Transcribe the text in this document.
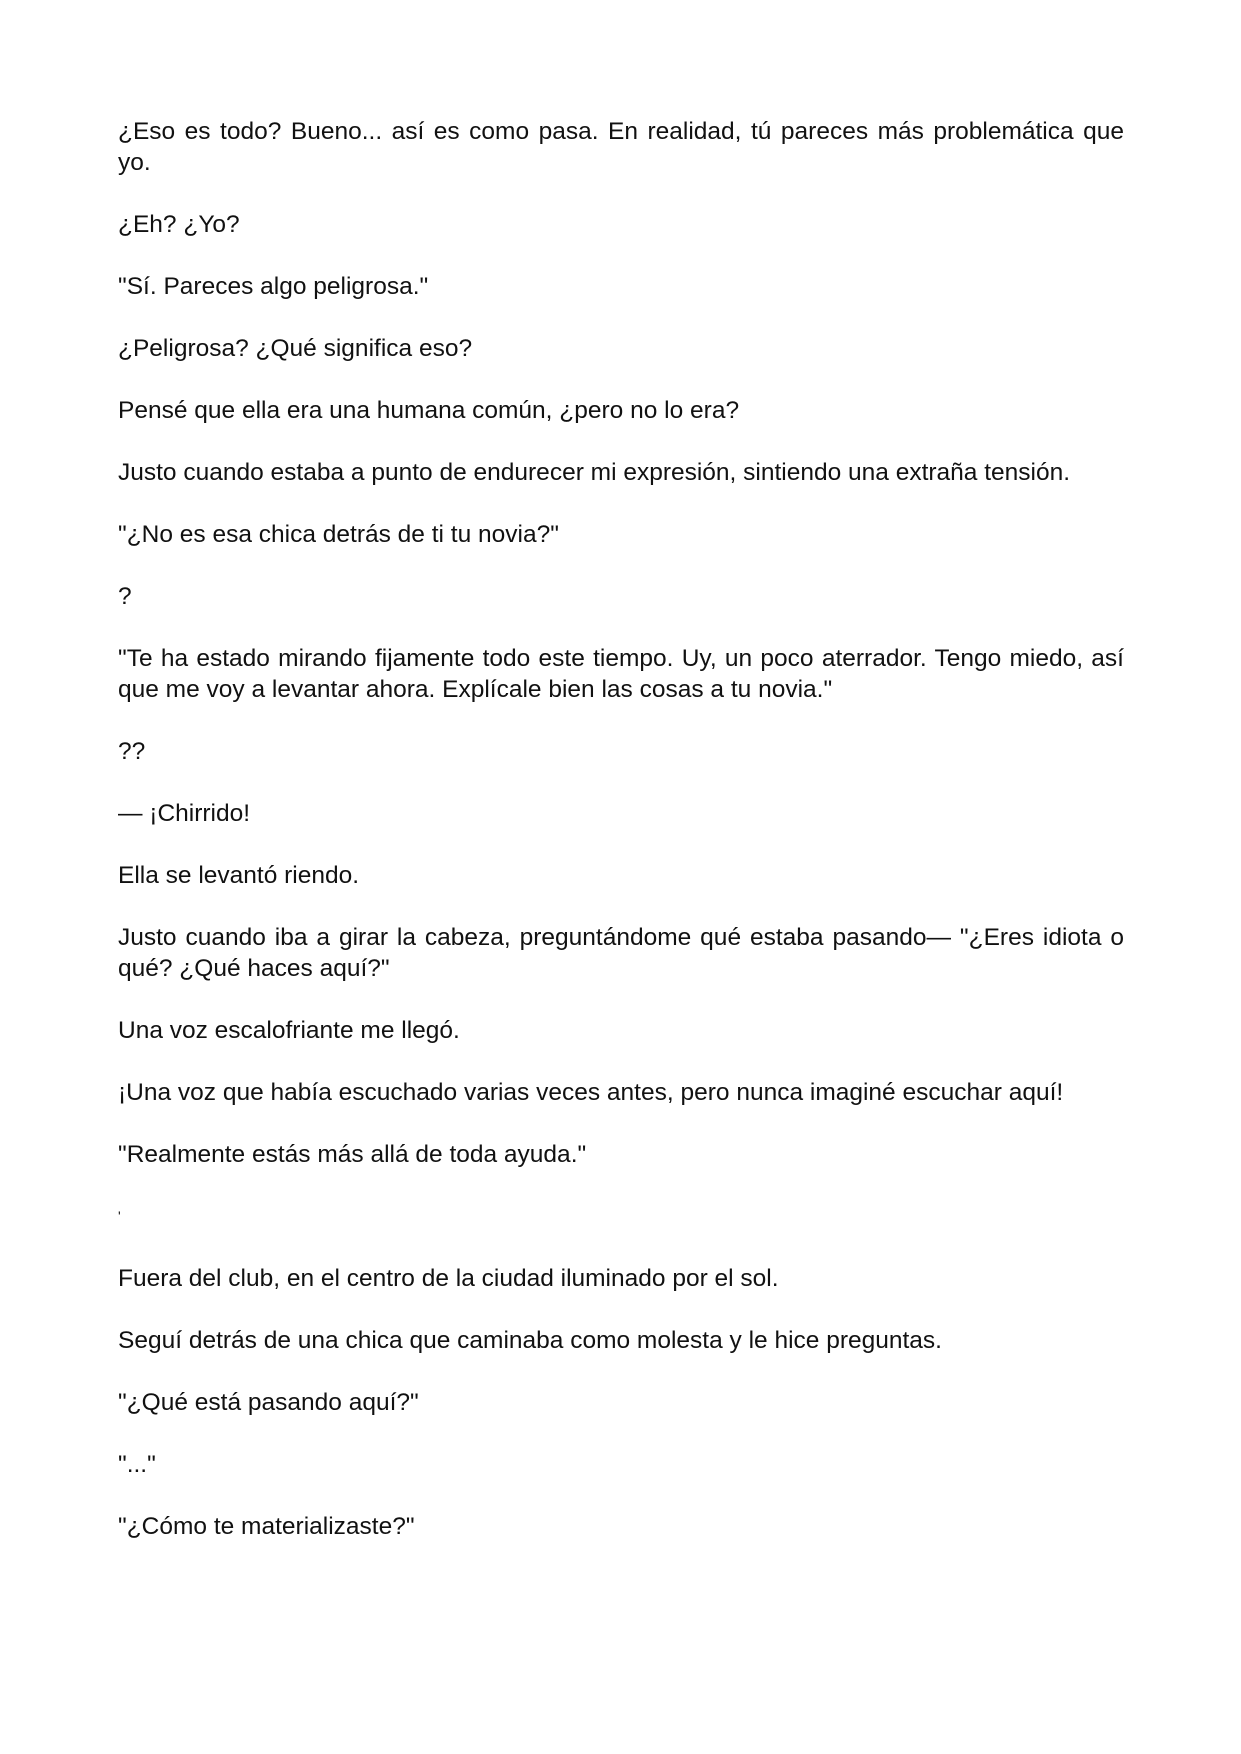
¿Eso es todo? Bueno... así es como pasa. En realidad, tú pareces más problemática que yo.

¿Eh? ¿Yo?

"Sí. Pareces algo peligrosa."

¿Peligrosa? ¿Qué significa eso?

Pensé que ella era una humana común, ¿pero no lo era?

Justo cuando estaba a punto de endurecer mi expresión, sintiendo una extraña tensión.

"¿No es esa chica detrás de ti tu novia?"

?

"Te ha estado mirando fijamente todo este tiempo. Uy, un poco aterrador. Tengo miedo, así que me voy a levantar ahora. Explícale bien las cosas a tu novia."

??

— ¡Chirrido!

Ella se levantó riendo.

Justo cuando iba a girar la cabeza, preguntándome qué estaba pasando— "¿Eres idiota o qué? ¿Qué haces aquí?"

Una voz escalofriante me llegó.

¡Una voz que había escuchado varias veces antes, pero nunca imaginé escuchar aquí!

"Realmente estás más allá de toda ayuda."

'

Fuera del club, en el centro de la ciudad iluminado por el sol.

Seguí detrás de una chica que caminaba como molesta y le hice preguntas.

"¿Qué está pasando aquí?"

"..."

"¿Cómo te materializaste?"
